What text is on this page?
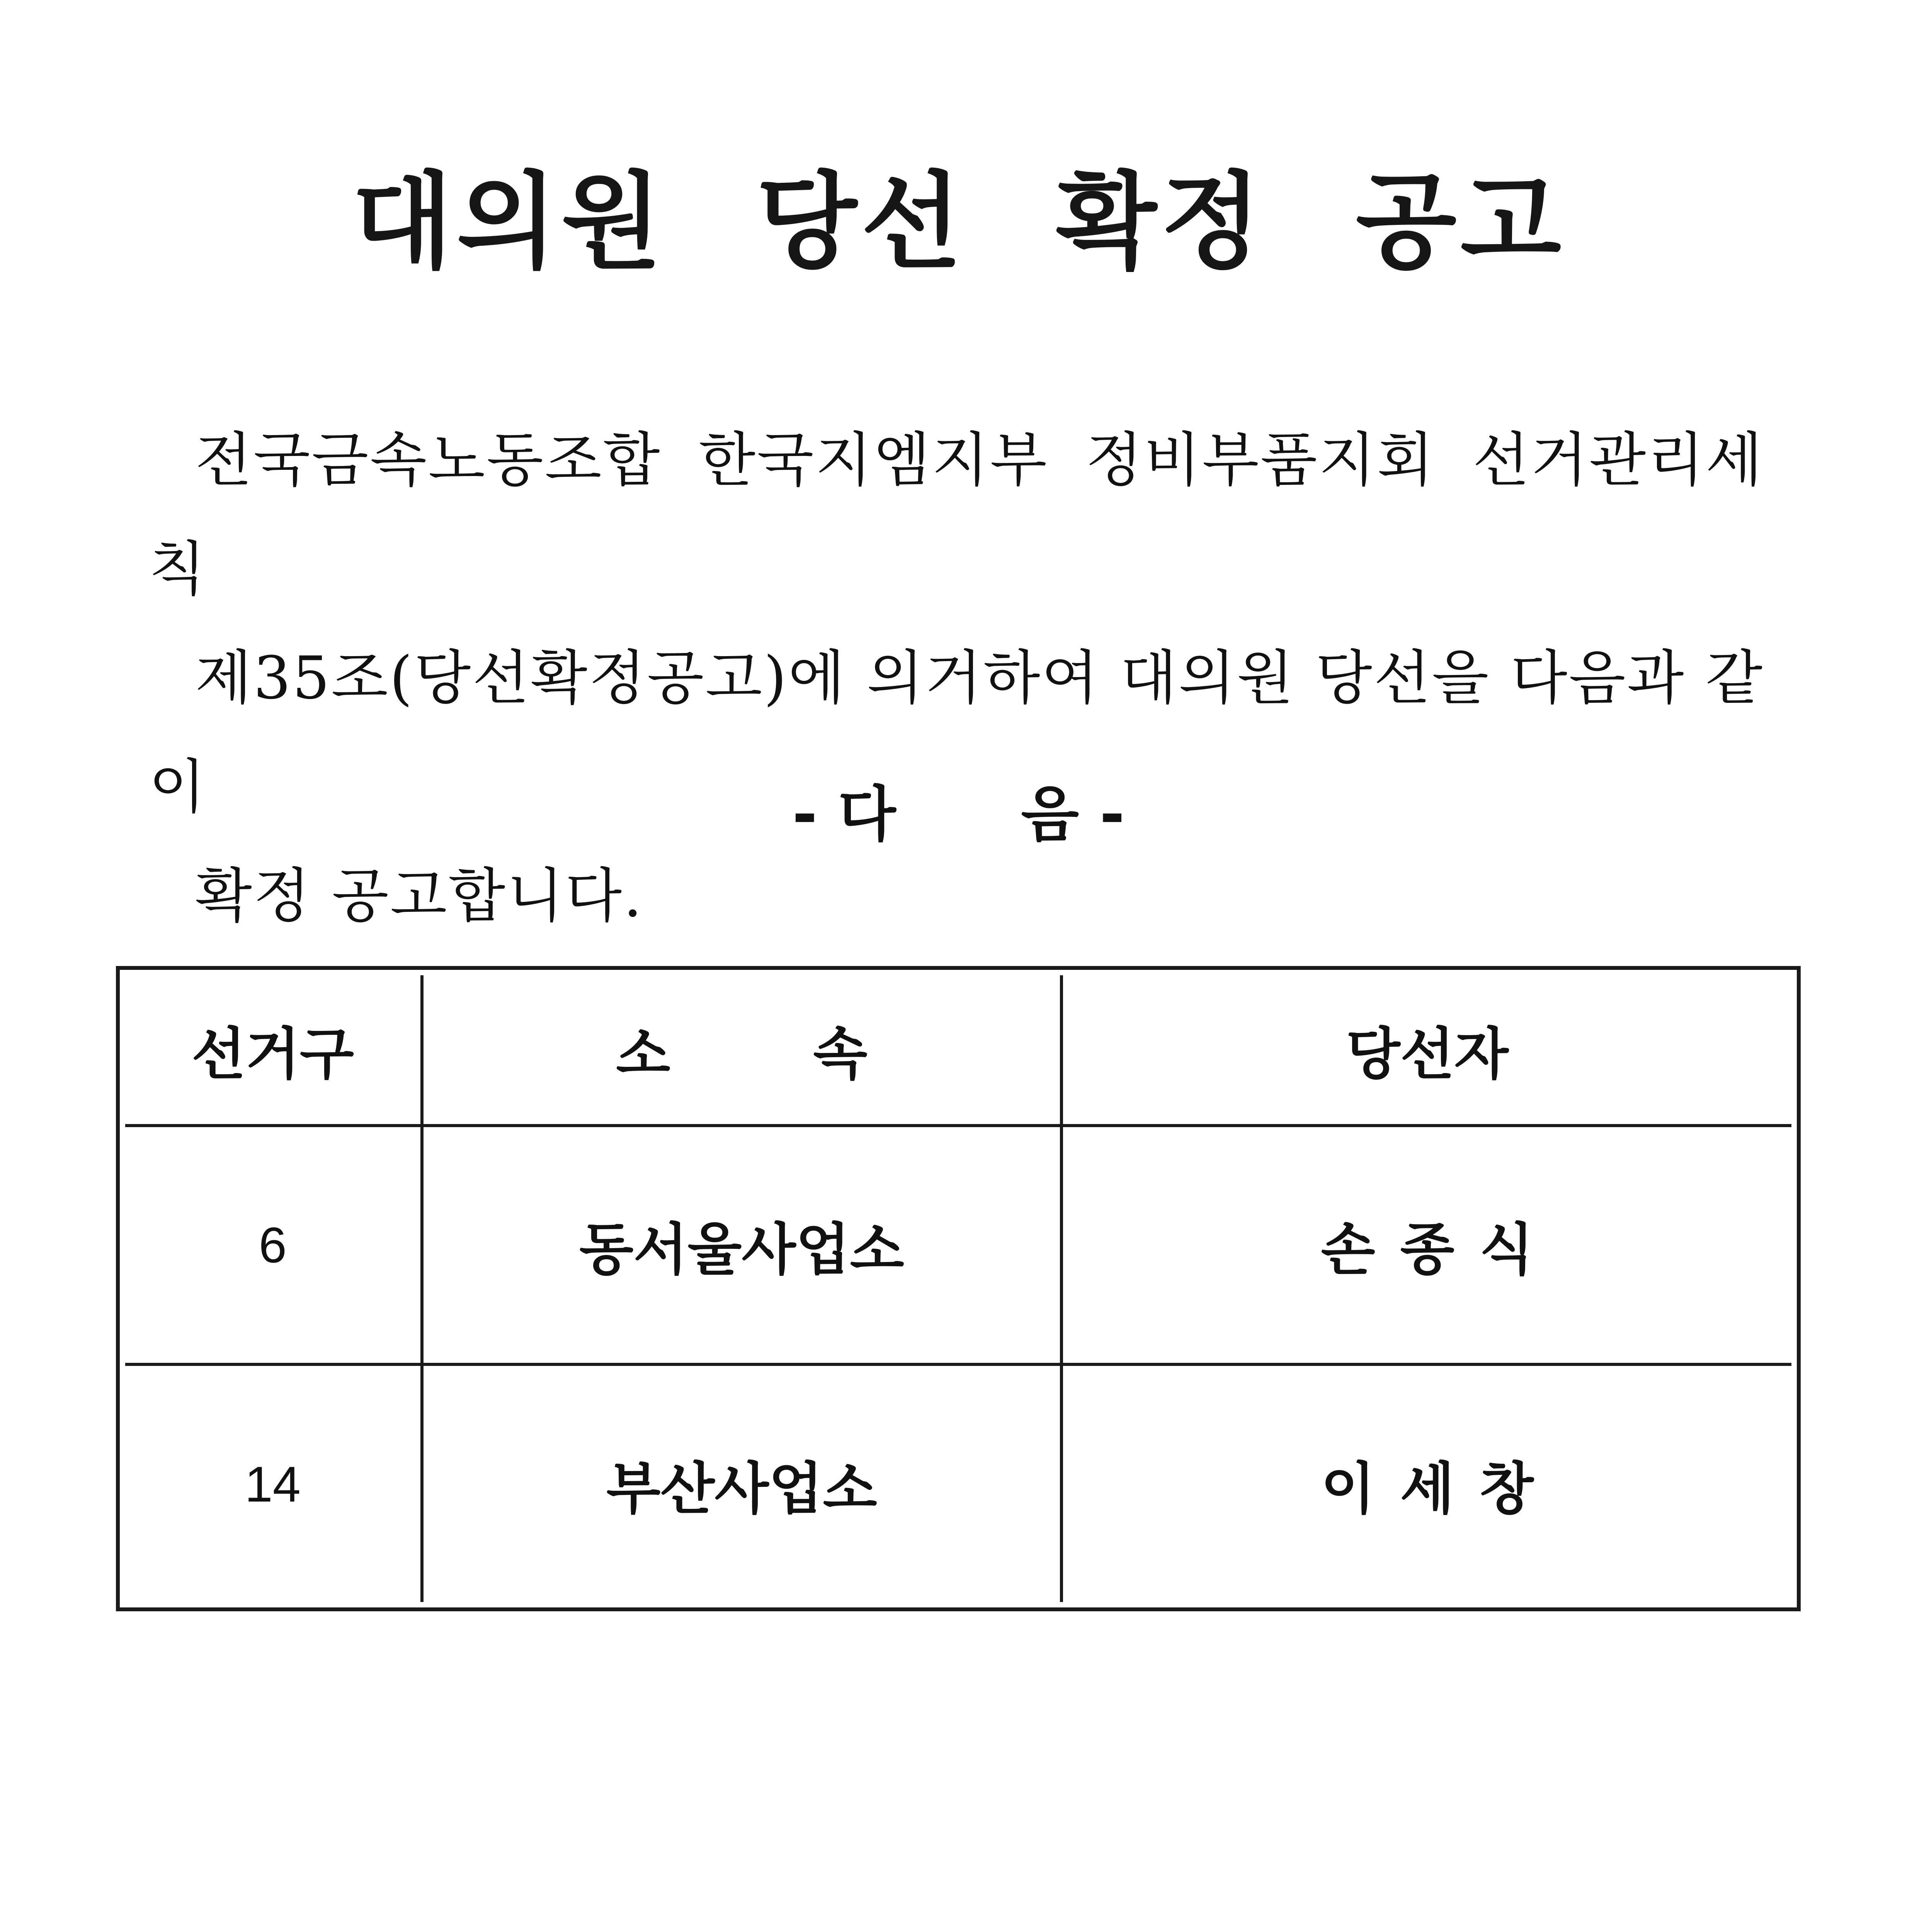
대의원 당선 확정 공고
전국금속노동조합 한국지엠지부 정비부품지회 선거관리세칙
제35조(당선확정공고)에 의거하여 대의원 당선을 다음과 같이
확정 공고합니다.
- 다      음 -
선거구	소속	당선자
6	동서울사업소	손종식
14	부산사업소	이세창
